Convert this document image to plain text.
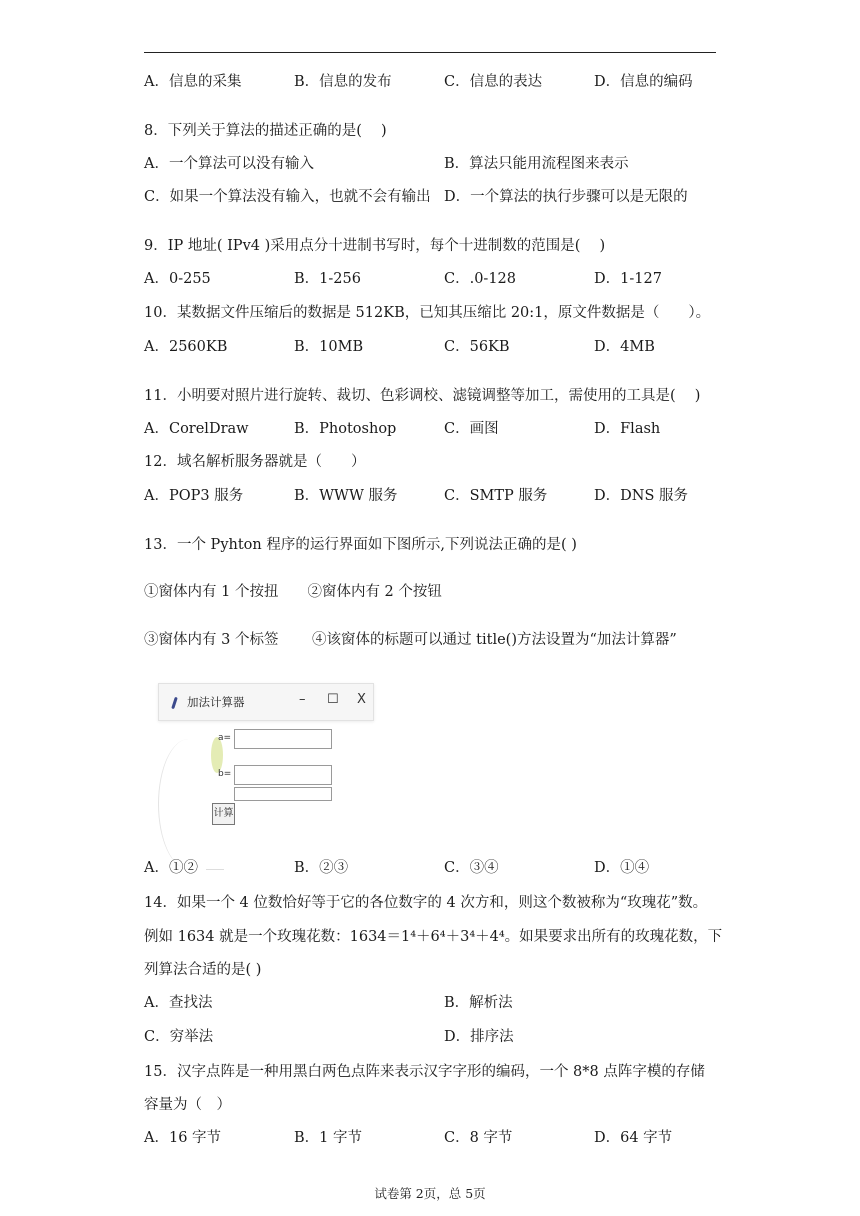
A．信息的采集	B．信息的发布	C．信息的表达	D．信息的编码
8．下列关于算法的描述正确的是(　 )
A．一个算法可以没有输入	B．算法只能用流程图来表示
C．如果一个算法没有输入，也就不会有输出 D．一个算法的执行步骤可以是无限的
9．IP 地址( IPv4 )采用点分十进制书写时，每个十进制数的范围是(　 )
A．0-255	B．1-256	C．.0-128	D．1-127
10．某数据文件压缩后的数据是 512KB，已知其压缩比 20:1，原文件数据是（　　）。
A．2560KB	B．10MB	C．56KB	D．4MB
11．小明要对照片进行旋转、裁切、色彩调校、滤镜调整等加工，需使用的工具是(　 )
A．CorelDraw	B．Photoshop	C．画图	D．Flash
12．域名解析服务器就是（　　）
A．POP3 服务	B．WWW 服务	C．SMTP 服务	D．DNS 服务
13．一个 Pyhton 程序的运行界面如下图所示,下列说法正确的是( )
①窗体内有 1 个按扭　　②窗体内有 2 个按钮
③窗体内有 3 个标签　　 ④该窗体的标题可以通过 title()方法设置为“加法计算器”
加法计算器	– ☐ X
a=
b=
计算
A．①②	B．②③	C．③④	D．①④
14．如果一个 4 位数恰好等于它的各位数字的 4 次方和，则这个数被称为“玫瑰花”数。
例如 1634 就是一个玫瑰花数：1634＝1⁴＋6⁴＋3⁴＋4⁴。如果要求出所有的玫瑰花数，下
列算法合适的是( )
A．查找法	B．解析法
C．穷举法	D．排序法
15．汉字点阵是一种用黑白两色点阵来表示汉字字形的编码，一个 8*8 点阵字模的存储
容量为（　）
A．16 字节	B．1 字节	C．8 字节	D．64 字节
试卷第 2页，总 5页
